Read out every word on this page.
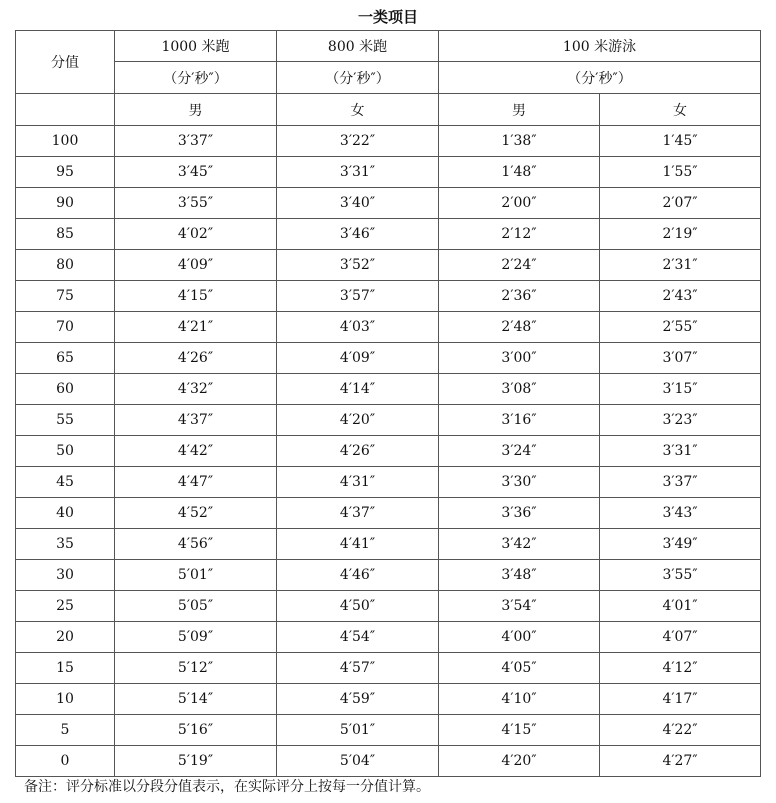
一类项目
分值	1000 米跑	800 米跑	100 米游泳	
	（分′秒″）	（分′秒″）	（分′秒″）	
	男	女	男	女
100	3′37″	3′22″	1′38″	1′45″
95	3′45″	3′31″	1′48″	1′55″
90	3′55″	3′40″	2′00″	2′07″
85	4′02″	3′46″	2′12″	2′19″
80	4′09″	3′52″	2′24″	2′31″
75	4′15″	3′57″	2′36″	2′43″
70	4′21″	4′03″	2′48″	2′55″
65	4′26″	4′09″	3′00″	3′07″
60	4′32″	4′14″	3′08″	3′15″
55	4′37″	4′20″	3′16″	3′23″
50	4′42″	4′26″	3′24″	3′31″
45	4′47″	4′31″	3′30″	3′37″
40	4′52″	4′37″	3′36″	3′43″
35	4′56″	4′41″	3′42″	3′49″
30	5′01″	4′46″	3′48″	3′55″
25	5′05″	4′50″	3′54″	4′01″
20	5′09″	4′54″	4′00″	4′07″
15	5′12″	4′57″	4′05″	4′12″
10	5′14″	4′59″	4′10″	4′17″
5	5′16″	5′01″	4′15″	4′22″
0	5′19″	5′04″	4′20″	4′27″
备注：评分标准以分段分值表示，在实际评分上按每一分值计算。
